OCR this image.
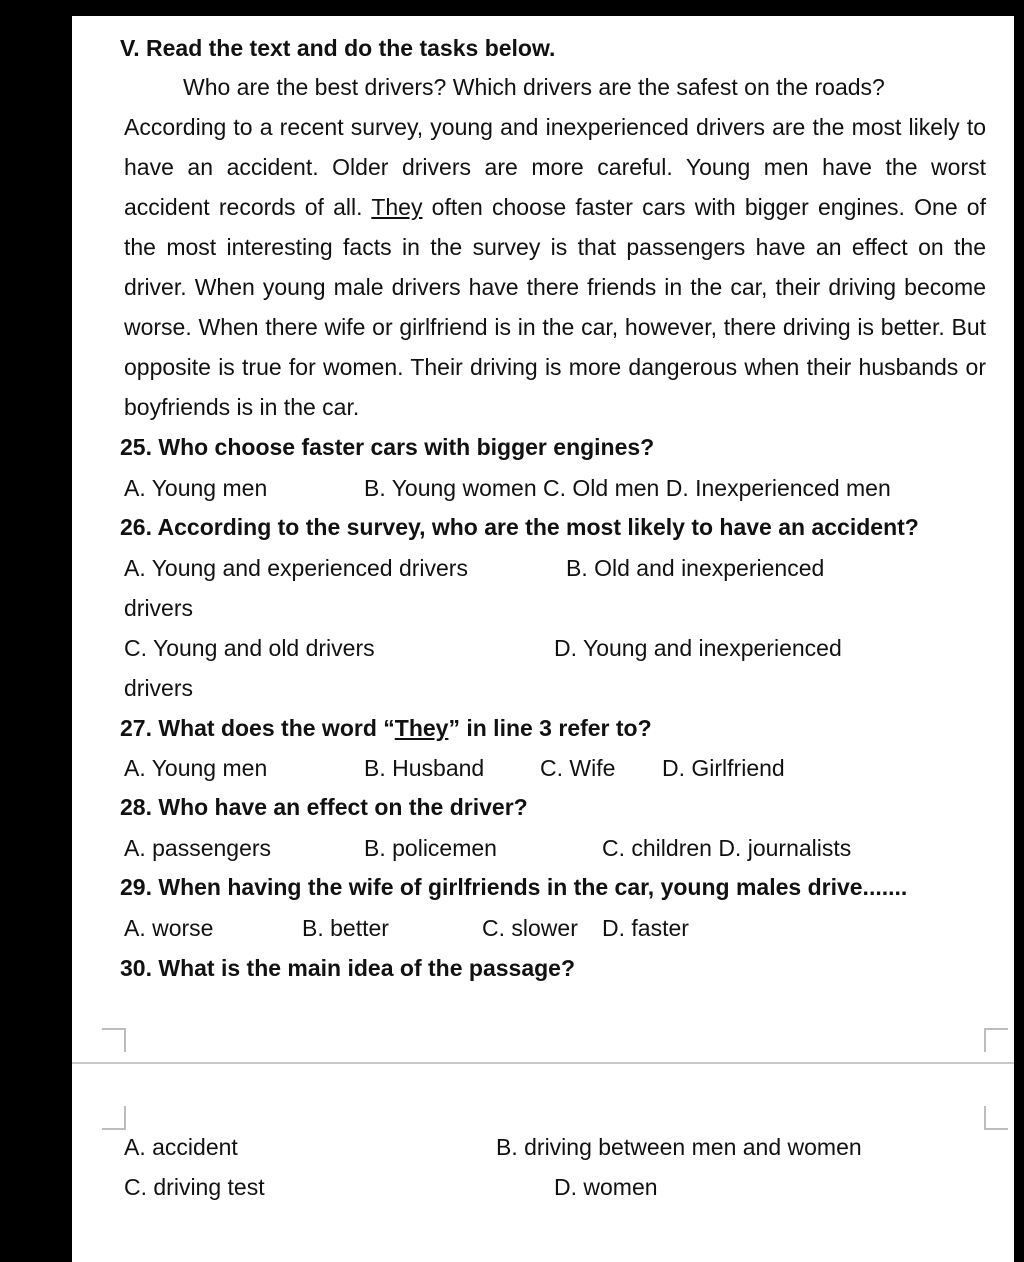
V. Read the text and do the tasks below.
Who are the best drivers? Which drivers are the safest on the roads?
According to a recent survey, young and inexperienced drivers are the most likely to
have an accident. Older drivers are more careful. Young men have the worst
accident records of all. They often choose faster cars with bigger engines. One of
the most interesting facts in the survey is that passengers have an effect on the
driver. When young male drivers have there friends in the car, their driving become
worse. When there wife or girlfriend is in the car, however, there driving is better. But
opposite is true for women. Their driving is more dangerous when their husbands or
boyfriends is in the car.
25. Who choose faster cars with bigger engines?
A. Young men	B. Young women C. Old men D. Inexperienced men
26. According to the survey, who are the most likely to have an accident?
A. Young and experienced drivers	B. Old and inexperienced
drivers
C. Young and old drivers	D. Young and inexperienced
drivers
27. What does the word “They” in line 3 refer to?
A. Young men	B. Husband C. Wife D. Girlfriend
28. Who have an effect on the driver?
A. passengers	B. policemen	C. children D. journalists
29. When having the wife of girlfriends in the car, young males drive.......
A. worse	B. better	C. slower D. faster
30. What is the main idea of the passage?
A. accident	B. driving between men and women
C. driving test	D. women
